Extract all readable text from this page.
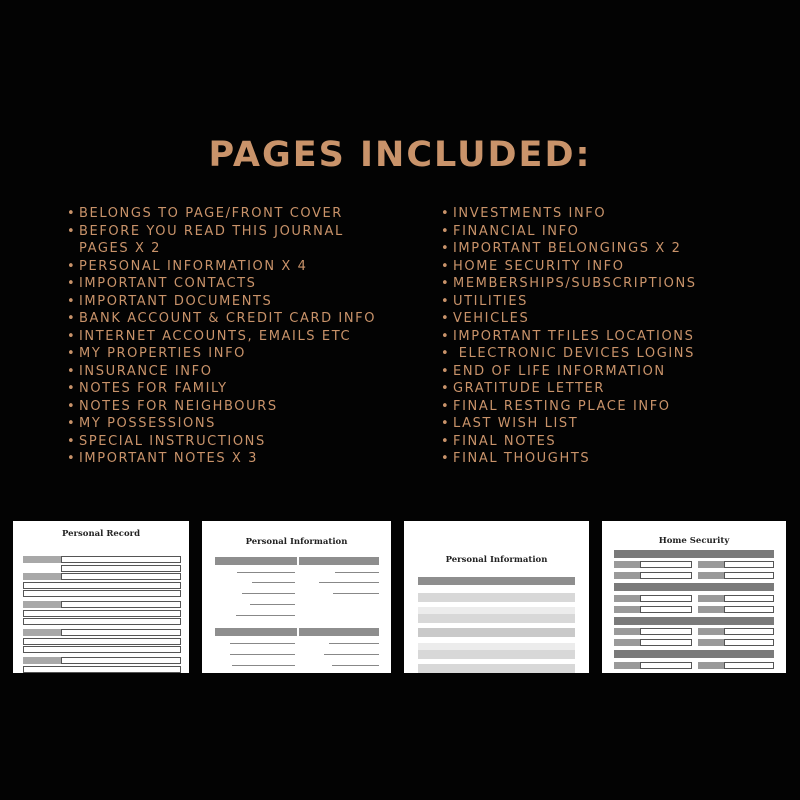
PAGES INCLUDED:
• BELONGS TO PAGE/FRONT COVER
• BEFORE YOU READ THIS JOURNAL
PAGES X 2
• PERSONAL INFORMATION X 4
• IMPORTANT CONTACTS
• IMPORTANT DOCUMENTS
• BANK ACCOUNT & CREDIT CARD INFO
• INTERNET ACCOUNTS, EMAILS ETC
• MY PROPERTIES INFO
• INSURANCE INFO
• NOTES FOR FAMILY
• NOTES FOR NEIGHBOURS
• MY POSSESSIONS
• SPECIAL INSTRUCTIONS
• IMPORTANT NOTES X 3
• INVESTMENTS INFO
• FINANCIAL INFO
• IMPORTANT BELONGINGS X 2
• HOME SECURITY INFO
• MEMBERSHIPS/SUBSCRIPTIONS
• UTILITIES
• VEHICLES
• IMPORTANT TFILES LOCATIONS
•  ELECTRONIC DEVICES LOGINS
• END OF LIFE INFORMATION
• GRATITUDE LETTER
• FINAL RESTING PLACE INFO
• LAST WISH LIST
• FINAL NOTES
• FINAL THOUGHTS
Personal Record
Personal Information
Personal Information
Home Security
